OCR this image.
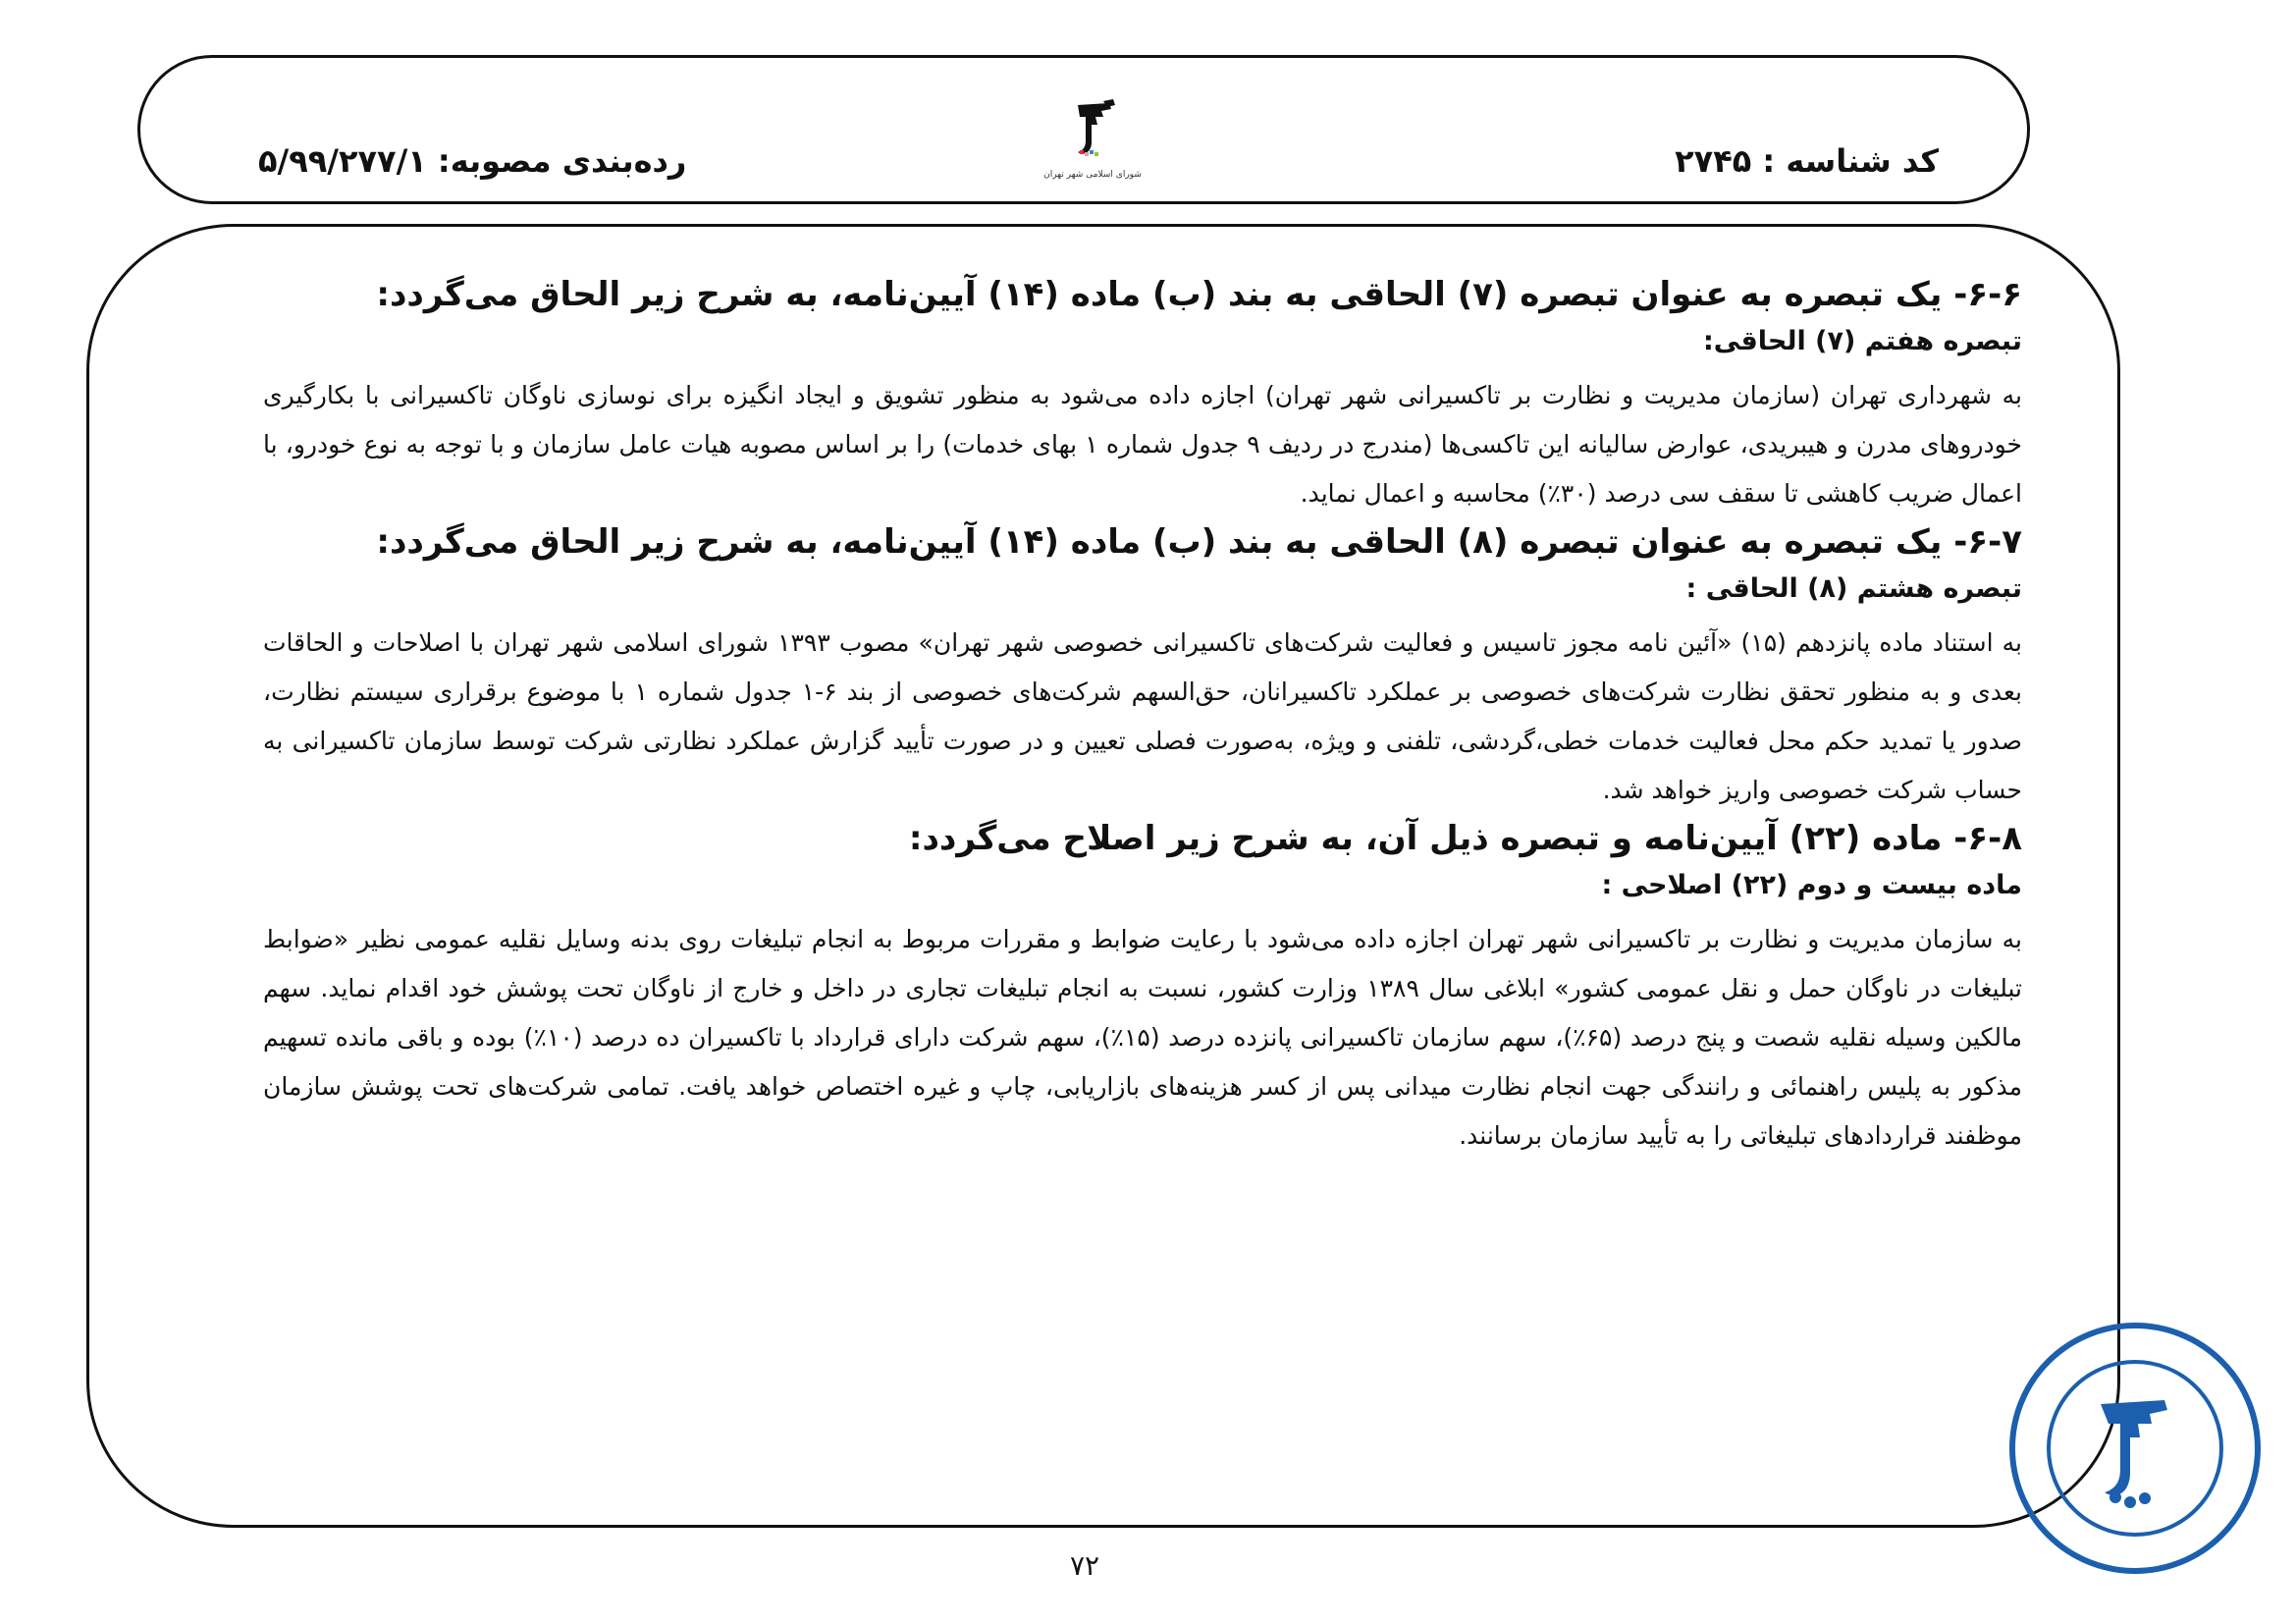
کد شناسه : ۲۷۴۵
شورای اسلامی شهر تهران
رده‌بندی مصوبه: ۵/۹۹/۲۷۷/۱
۶-۶- یک تبصره به عنوان تبصره (۷) الحاقی به بند (ب) ماده (۱۴) آیین‌نامه، به شرح زیر الحاق می‌گردد:
تبصره هفتم (۷) الحاقی:

به شهرداری تهران (سازمان مدیریت و نظارت بر تاکسیرانی شهر تهران) اجازه داده می‌شود به منظور تشویق و ایجاد انگیزه برای نوسازی ناوگان تاکسیرانی با بکارگیری خودروهای مدرن و هیبریدی، عوارض سالیانه این تاکسی‌ها (مندرج در ردیف ۹ جدول شماره ۱ بهای خدمات) را بر اساس مصوبه هیات عامل سازمان و با توجه به نوع خودرو، با اعمال ضریب کاهشی تا سقف سی درصد (۳۰٪) محاسبه و اعمال نماید.

۶-۷- یک تبصره به عنوان تبصره (۸) الحاقی به بند (ب) ماده (۱۴) آیین‌نامه، به شرح زیر الحاق می‌گردد:
تبصره هشتم (۸) الحاقی :

به استناد ماده پانزدهم (۱۵) «آئین نامه مجوز تاسیس و فعالیت شرکت‌های تاکسیرانی خصوصی شهر تهران» مصوب ۱۳۹۳ شورای اسلامی شهر تهران با اصلاحات و الحاقات بعدی و به منظور تحقق نظارت شرکت‌های خصوصی بر عملکرد تاکسیرانان، حق‌السهم شرکت‌های خصوصی از بند ۶-۱ جدول شماره ۱ با موضوع برقراری سیستم نظارت، صدور یا تمدید حکم محل فعالیت خدمات خطی،گردشی، تلفنی و ویژه، به‌صورت فصلی تعیین و در صورت تأیید گزارش عملکرد نظارتی شرکت توسط سازمان تاکسیرانی به حساب شرکت خصوصی واریز خواهد شد.

۶-۸- ماده (۲۲) آیین‌نامه و تبصره ذیل آن، به شرح زیر اصلاح می‌گردد:
ماده بیست و دوم (۲۲) اصلاحی :

به سازمان مدیریت و نظارت بر تاکسیرانی شهر تهران اجازه داده می‌شود با رعایت ضوابط و مقررات مربوط به انجام تبلیغات روی بدنه وسایل نقلیه عمومی نظیر «ضوابط تبلیغات در ناوگان حمل و نقل عمومی کشور» ابلاغی سال ۱۳۸۹ وزارت کشور، نسبت به انجام تبلیغات تجاری در داخل و خارج از ناوگان تحت پوشش خود اقدام نماید. سهم مالکین وسیله نقلیه شصت و پنج درصد (۶۵٪)، سهم سازمان تاکسیرانی پانزده درصد (۱۵٪)، سهم شرکت دارای قرارداد با تاکسیران ده درصد (۱۰٪) بوده و باقی مانده تسهیم مذکور به پلیس راهنمائی و رانندگی جهت انجام نظارت میدانی پس از کسر هزینه‌های بازاریابی، چاپ و غیره اختصاص خواهد یافت. تمامی شرکت‌های تحت پوشش سازمان موظفند قراردادهای تبلیغاتی را به تأیید سازمان برسانند.

۷۲
